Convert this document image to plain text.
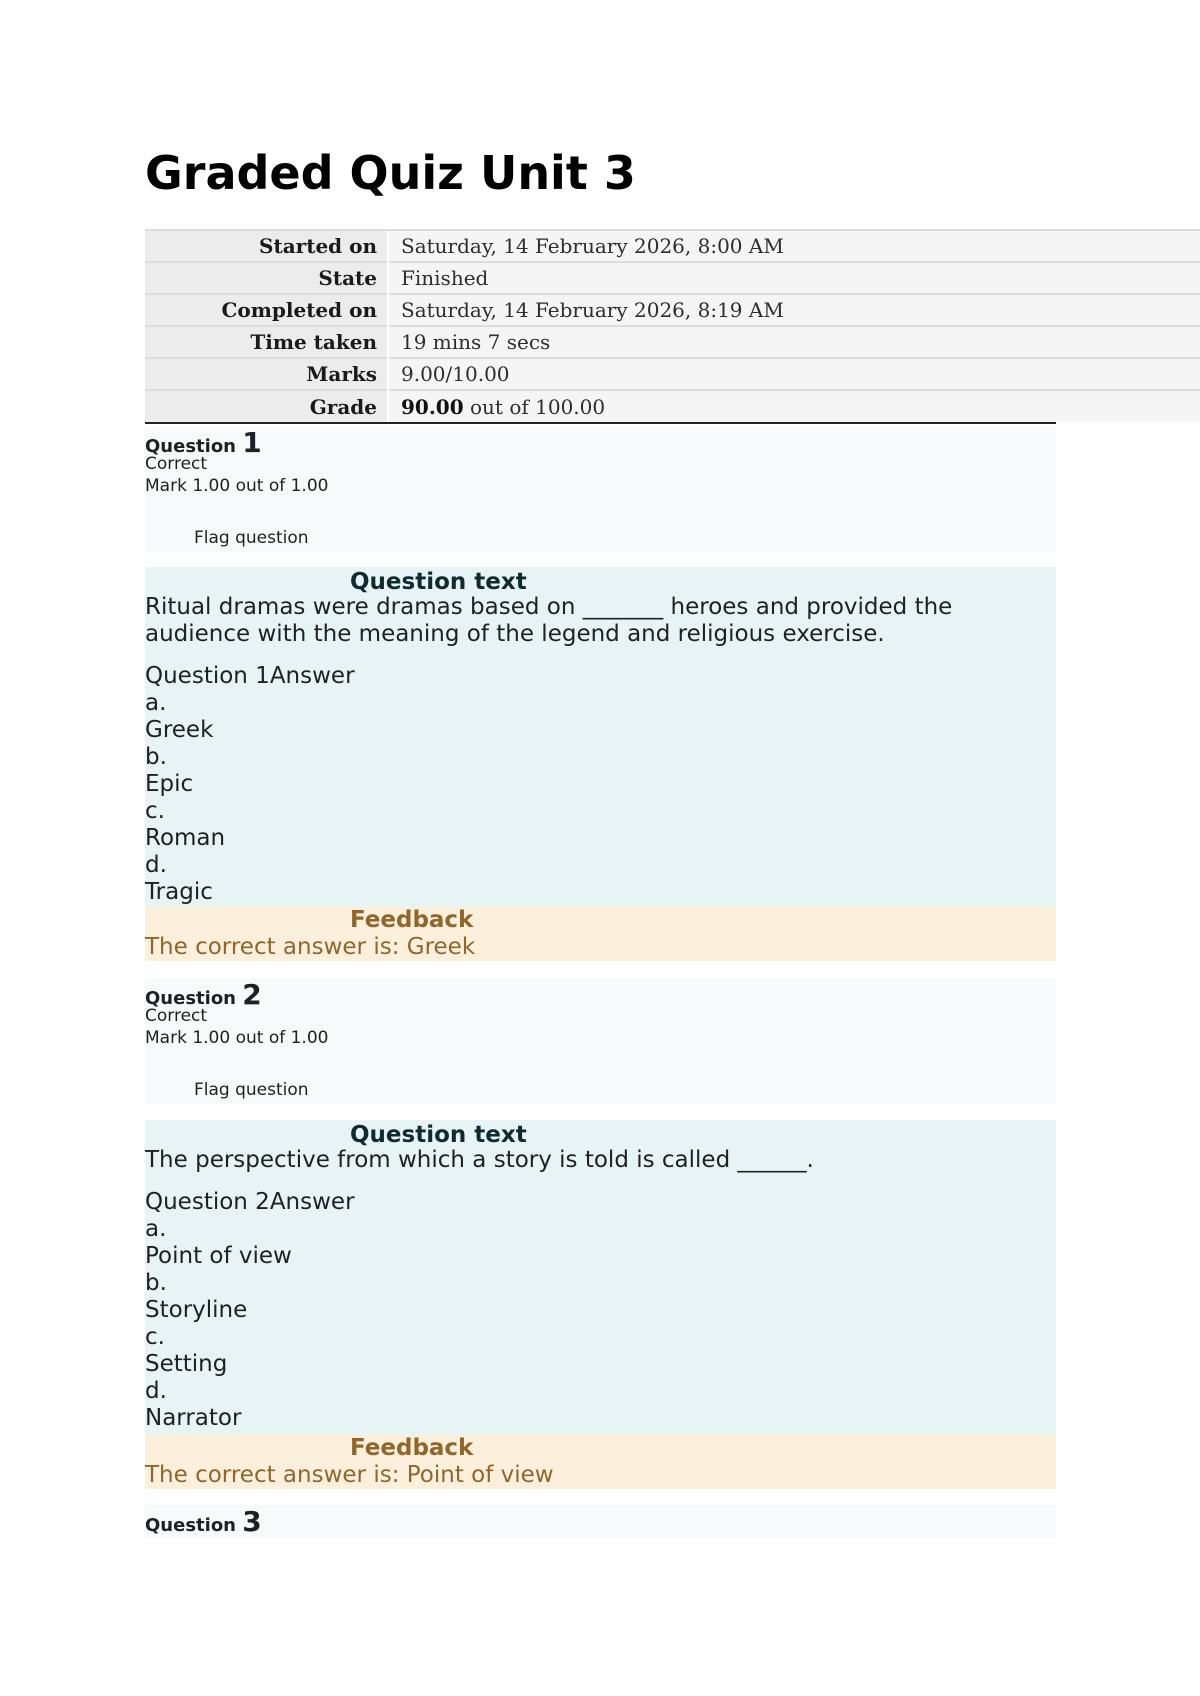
Graded Quiz Unit 3
Started on	Saturday, 14 February 2026, 8:00 AM
State	Finished
Completed on	Saturday, 14 February 2026, 8:19 AM
Time taken	19 mins 7 secs
Marks	9.00/10.00
Grade	90.00 out of 100.00
Question 1
Correct
Mark 1.00 out of 1.00
Flag question
Question text
Ritual dramas were dramas based on _______ heroes and provided the audience with the meaning of the legend and religious exercise.
Question 1Answer
a.
Greek
b.
Epic
c.
Roman
d.
Tragic
Feedback
The correct answer is: Greek
Question 2
Correct
Mark 1.00 out of 1.00
Flag question
Question text
The perspective from which a story is told is called ______.
Question 2Answer
a.
Point of view
b.
Storyline
c.
Setting
d.
Narrator
Feedback
The correct answer is: Point of view
Question 3
